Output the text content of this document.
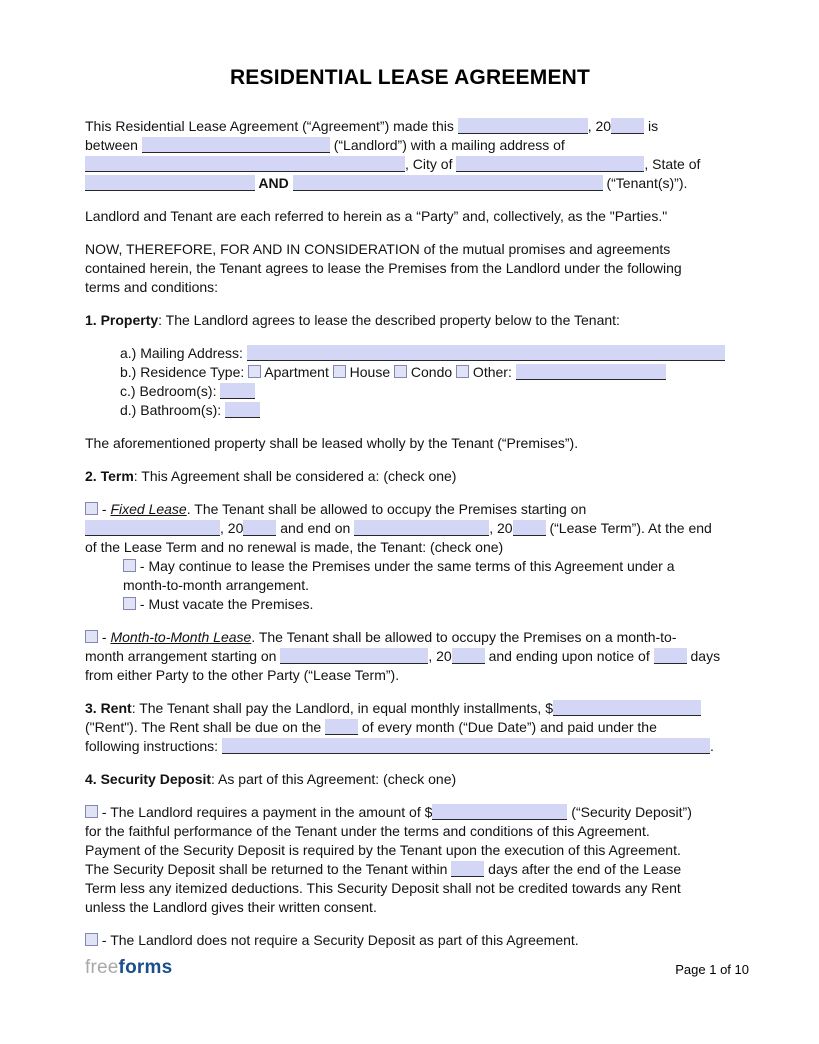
RESIDENTIAL LEASE AGREEMENT
This Residential Lease Agreement (“Agreement”) made this	, 20 is
between	(“Landlord”) with a mailing address of
, City of	, State of
AND	(“Tenant(s)”).
Landlord and Tenant are each referred to herein as a “Party” and, collectively, as the "Parties."
NOW, THEREFORE, FOR AND IN CONSIDERATION of the mutual promises and agreements
contained herein, the Tenant agrees to lease the Premises from the Landlord under the following
terms and conditions:
1. Property: The Landlord agrees to lease the described property below to the Tenant:
a.) Mailing Address:
b.) Residence Type:  Apartment  House  Condo  Other:
c.) Bedroom(s):
d.) Bathroom(s):
The aforementioned property shall be leased wholly by the Tenant (“Premises”).
2. Term: This Agreement shall be considered a: (check one)
- Fixed Lease. The Tenant shall be allowed to occupy the Premises starting on
, 20 and end on	, 20 (“Lease Term”). At the end
of the Lease Term and no renewal is made, the Tenant: (check one)
- May continue to lease the Premises under the same terms of this Agreement under a
month-to-month arrangement.
- Must vacate the Premises.
- Month-to-Month Lease. The Tenant shall be allowed to occupy the Premises on a month-to-
month arrangement starting on	, 20 and ending upon notice of  days
from either Party to the other Party (“Lease Term”).
3. Rent: The Tenant shall pay the Landlord, in equal monthly installments, $
("Rent"). The Rent shall be due on the  of every month (“Due Date”) and paid under the
following instructions:	.
4. Security Deposit: As part of this Agreement: (check one)
- The Landlord requires a payment in the amount of $	(“Security Deposit”)
for the faithful performance of the Tenant under the terms and conditions of this Agreement.
Payment of the Security Deposit is required by the Tenant upon the execution of this Agreement.
The Security Deposit shall be returned to the Tenant within  days after the end of the Lease
Term less any itemized deductions. This Security Deposit shall not be credited towards any Rent
unless the Landlord gives their written consent.
- The Landlord does not require a Security Deposit as part of this Agreement.
freeforms	Page 1 of 10
